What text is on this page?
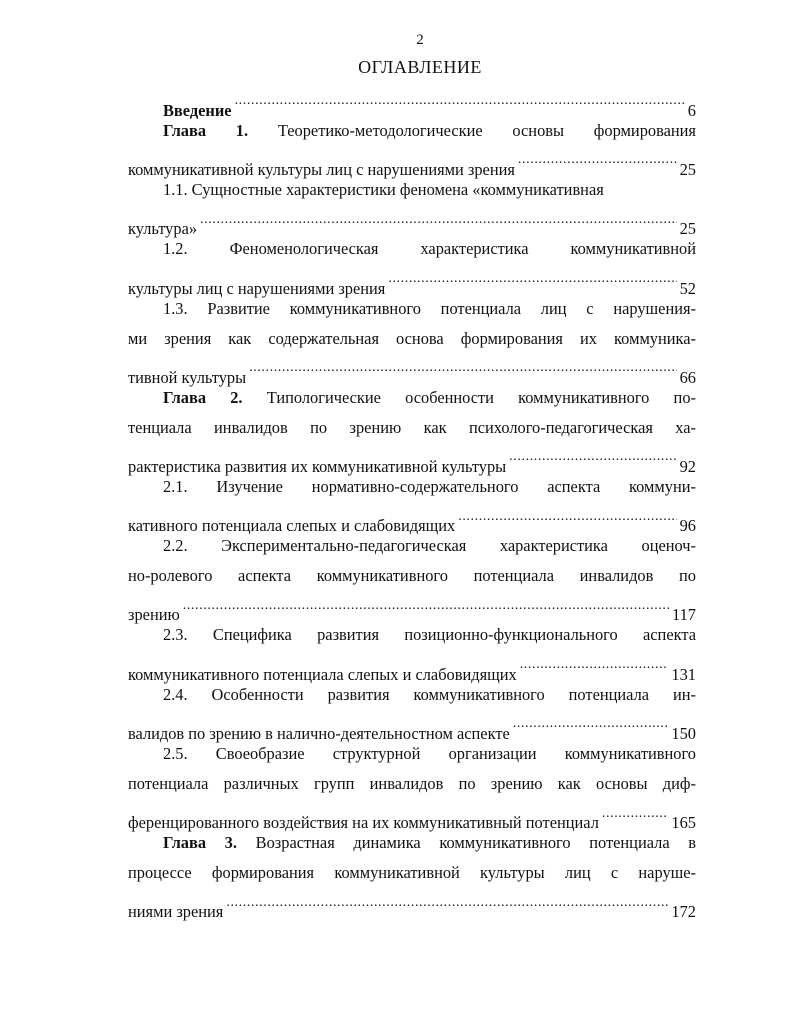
2
ОГЛАВЛЕНИЕ
Введение .....	6
Глава 1. Теоретико-методологические основы формирования
коммуникативной культуры лиц с нарушениями зрения .....	25
1.1. Сущностные характеристики феномена «коммуникативная
культура» .....	25
1.2. Феноменологическая характеристика коммуникативной
культуры лиц с нарушениями зрения .....	52
1.3. Развитие коммуникативного потенциала лиц с нарушения-
ми зрения как содержательная основа формирования их коммуника-
тивной культуры .....	66
Глава 2. Типологические особенности коммуникативного по-
тенциала инвалидов по зрению как психолого-педагогическая ха-
рактеристика развития их коммуникативной культуры .....	92
2.1. Изучение нормативно-содержательного аспекта коммуни-
кативного потенциала слепых и слабовидящих .....	96
2.2. Экспериментально-педагогическая характеристика оценоч-
но-ролевого аспекта коммуникативного потенциала инвалидов по
зрению .....	117
2.3. Специфика развития позиционно-функционального аспекта
коммуникативного потенциала слепых и слабовидящих .....	131
2.4. Особенности развития коммуникативного потенциала ин-
валидов по зрению в налично-деятельностном аспекте .....	150
2.5. Своеобразие структурной организации коммуникативного
потенциала различных групп инвалидов по зрению как основы диф-
ференцированного воздействия на их коммуникативный потенциал .....	165
Глава 3. Возрастная динамика коммуникативного потенциала в
процессе формирования коммуникативной культуры лиц с наруше-
ниями зрения .....	172
